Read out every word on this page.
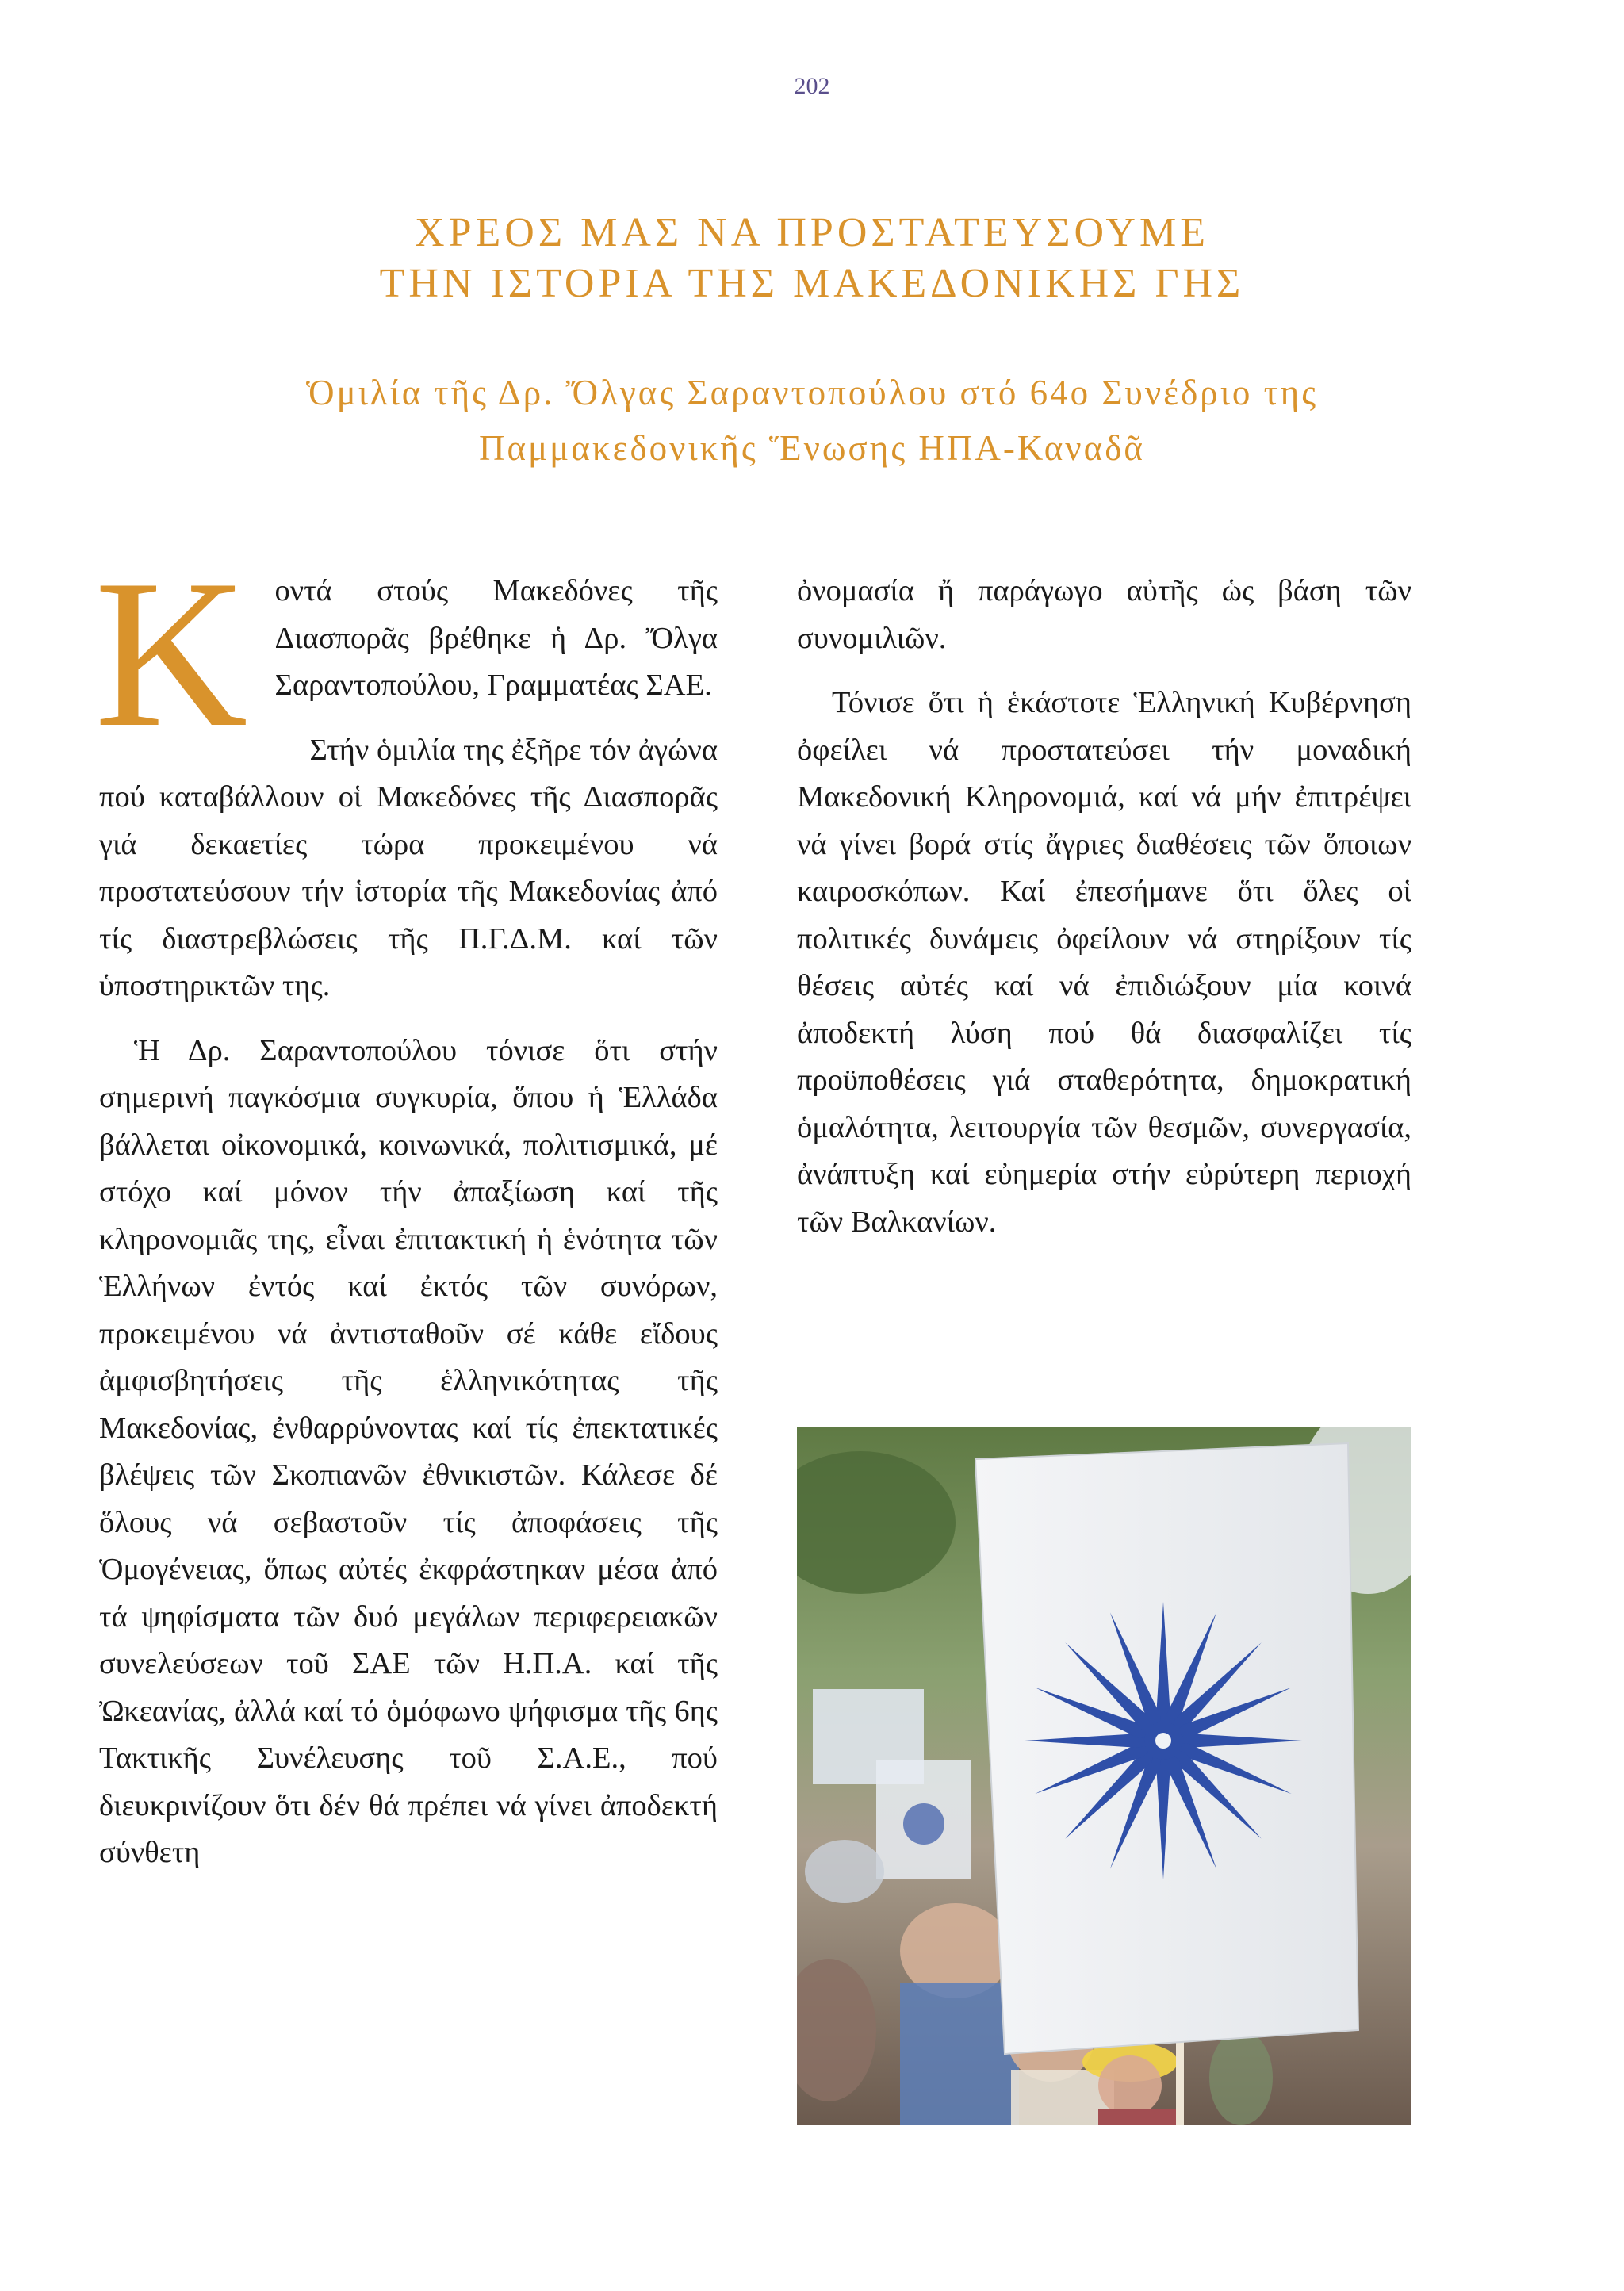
202
ΧΡΕΟΣ ΜΑΣ ΝΑ ΠΡΟΣΤΑΤΕΥΣΟΥΜΕ
ΤΗΝ ΙΣΤΟΡΙΑ ΤΗΣ ΜΑΚΕΔΟΝΙΚΗΣ ΓΗΣ
Ὁμιλία τῆς Δρ. Ὄλγας Σαραντοπούλου στό 64ο Συνέδριο της
Παμμακεδονικῆς Ἕνωσης ΗΠΑ-Καναδᾶ

Κοντά στούς Μακεδόνες τῆς Διασπορᾶς βρέθηκε ἡ Δρ. Ὄλγα Σαραντοπούλου, Γραμματέας ΣΑΕ.

Στήν ὁμιλία της ἐξῆρε τόν ἀγώνα πού καταβάλλουν οἱ Μακεδόνες τῆς Διασπορᾶς γιά δεκαετίες τώρα προκειμένου νά προστατεύσουν τήν ἱστορία τῆς Μακεδονίας ἀπό τίς διαστρεβλώσεις τῆς Π.Γ.Δ.Μ. καί τῶν ὑποστηρικτῶν της.

Ἡ Δρ. Σαραντοπούλου τόνισε ὅτι στήν σημερινή παγκόσμια συγκυρία, ὅπου ἡ Ἑλλάδα βάλλεται οἰκονομικά, κοινωνικά, πολιτισμικά, μέ στόχο καί μόνον τήν ἀπαξίωση καί τῆς κληρονομιᾶς της, εἶναι ἐπιτακτική ἡ ἑνότητα τῶν Ἑλλήνων ἐντός καί ἐκτός τῶν συνόρων, προκειμένου νά ἀντισταθοῦν σέ κάθε εἴδους ἀμφισβητήσεις τῆς ἑλληνικότητας τῆς Μακεδονίας, ἐνθαρρύνοντας καί τίς ἐπεκτατικές βλέψεις τῶν Σκοπιανῶν ἐθνικιστῶν. Κάλεσε δέ ὅλους νά σεβαστοῦν τίς ἀποφάσεις τῆς Ὁμογένειας, ὅπως αὐτές ἐκφράστηκαν μέσα ἀπό τά ψηφίσματα τῶν δυό μεγάλων περιφερειακῶν συνελεύσεων τοῦ ΣΑΕ τῶν Η.Π.Α. καί τῆς Ὠκεανίας, ἀλλά καί τό ὁμόφωνο ψήφισμα τῆς 6ης Τακτικῆς Συνέλευσης τοῦ Σ.Α.Ε., πού διευκρινίζουν ὅτι δέν θά πρέπει νά γίνει ἀποδεκτή σύνθετη

ὀνομασία ἤ παράγωγο αὐτῆς ὡς βάση τῶν συνομιλιῶν.

Τόνισε ὅτι ἡ ἑκάστοτε Ἑλληνική Κυβέρνηση ὀφείλει νά προστατεύσει τήν μοναδική Μακεδονική Κληρονομιά, καί νά μήν ἐπιτρέψει νά γίνει βορά στίς ἄγριες διαθέσεις τῶν ὅποιων καιροσκόπων. Καί ἐπεσήμανε ὅτι ὅλες οἱ πολιτικές δυνάμεις ὀφείλουν νά στηρίξουν τίς θέσεις αὐτές καί νά ἐπιδιώξουν μία κοινά ἀποδεκτή λύση πού θά διασφαλίζει τίς προϋποθέσεις γιά σταθερότητα, δημοκρατική ὁμαλότητα, λειτουργία τῶν θεσμῶν, συνεργασία, ἀνάπτυξη καί εὐημερία στήν εὐρύτερη περιοχή τῶν Βαλκανίων.
